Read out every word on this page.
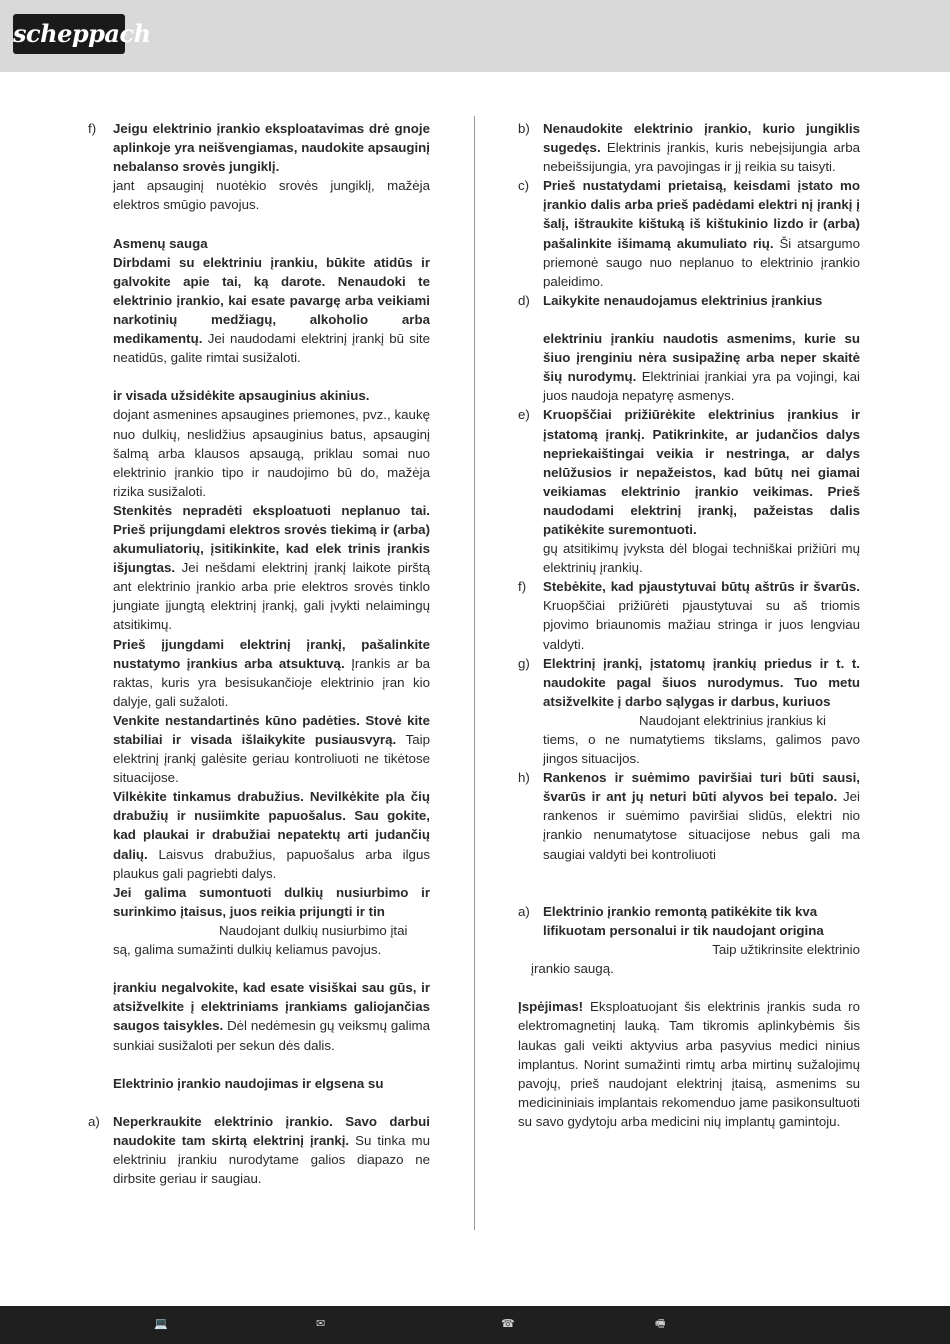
scheppach
f) Jeigu elektrinio įrankio eksploatavimas drė gnoje aplinkoje yra neišvengiamas, naudokite apsauginį nebalanso srovės jungiklį.
jant apsauginį nuotėkio srovės jungiklį, mažėja elektros smūgio pavojus.
Asmenų sauga
Dirbdami su elektriniu įrankiu, būkite atidūs ir galvokite apie tai, ką darote. Nenaudoki te elektrinio įrankio, kai esate pavargę arba veikiami narkotinių medžiagų, alkoholio arba medikamentų. Jei naudodami elektrinį įrankį bū site neatidūs, galite rimtai susižaloti.
ir visada užsidėkite apsauginius akinius.
dojant asmenines apsaugines priemones, pvz., kaukę nuo dulkių, neslidžius apsauginius batus, apsauginį šalmą arba klausos apsaugą, priklau somai nuo elektrinio įrankio tipo ir naudojimo bū do, mažėja rizika susižaloti.
Stenkitės nepradėti eksploatuoti neplanuo tai. Prieš prijungdami elektros srovės tiekimą ir (arba) akumuliatorių, įsitikinkite, kad elek trinis įrankis išjungtas. Jei nešdami elektrinį įrankį laikote pirštą ant elektrinio įrankio arba prie elektros srovės tinklo jungiate įjungtą elektrinį įrankį, gali įvykti nelaimingų atsitikimų.
Prieš įjungdami elektrinį įrankį, pašalinkite nustatymo įrankius arba atsuktuvą. Įrankis ar ba raktas, kuris yra besisukančioje elektrinio įran kio dalyje, gali sužaloti.
Venkite nestandartinės kūno padėties. Stovė kite stabiliai ir visada išlaikykite pusiausvyrą. Taip elektrinį įrankį galėsite geriau kontroliuoti ne tikėtose situacijose.
Vilkėkite tinkamus drabužius. Nevilkėkite pla čių drabužių ir nusiimkite papuošalus. Sau gokite, kad plaukai ir drabužiai nepatektų arti judančių dalių. Laisvus drabužius, papuošalus arba ilgus plaukus gali pagriebti dalys.
Jei galima sumontuoti dulkių nusiurbimo ir surinkimo įtaisus, juos reikia prijungti ir tin
Naudojant dulkių nusiurbimo įtai
są, galima sumažinti dulkių keliamus pavojus.
įrankiu negalvokite, kad esate visiškai sau gūs, ir atsižvelkite į elektriniams įrankiams galiojančias saugos taisykles. Dėl nedėmesin gų veiksmų galima sunkiai susižaloti per sekun dės dalis.
Elektrinio įrankio naudojimas ir elgsena su
a) Neperkraukite elektrinio įrankio. Savo darbui naudokite tam skirtą elektrinį įrankį. Su tinka mu elektriniu įrankiu nurodytame galios diapazo ne dirbsite geriau ir saugiau.
b) Nenaudokite elektrinio įrankio, kurio jungiklis sugedęs. Elektrinis įrankis, kuris nebeįsijungia arba nebeišsijungia, yra pavojingas ir jį reikia su taisyti.
c) Prieš nustatydami prietaisą, keisdami įstato mo įrankio dalis arba prieš padėdami elektri nį įrankį į šalį, ištraukite kištuką iš kištukinio lizdo ir (arba) pašalinkite išimamą akumuliato rių. Ši atsargumo priemonė saugo nuo neplanuo to elektrinio įrankio paleidimo.
d) Laikykite nenaudojamus elektrinius įrankius
elektriniu įrankiu naudotis asmenims, kurie su šiuo įrenginiu nėra susipažinę arba neper skaitė šių nurodymų. Elektriniai įrankiai yra pa vojingi, kai juos naudoja nepatyrę asmenys.
e) Kruopščiai prižiūrėkite elektrinius įrankius ir įstatomą įrankį. Patikrinkite, ar judančios dalys nepriekaištingai veikia ir nestringa, ar dalys nelūžusios ir nepažeistos, kad būtų nei giamai veikiamas elektrinio įrankio veikimas. Prieš naudodami elektrinį įrankį, pažeistas dalis patikėkite suremontuoti.
gų atsitikimų įvyksta dėl blogai techniškai prižiūri mų elektrinių įrankių.
f) Stebėkite, kad pjaustytuvai būtų aštrūs ir švarūs. Kruopščiai prižiūrėti pjaustytuvai su aš triomis pjovimo briaunomis mažiau stringa ir juos lengviau valdyti.
g) Elektrinį įrankį, įstatomų įrankių priedus ir t. t. naudokite pagal šiuos nurodymus. Tuo metu atsižvelkite į darbo sąlygas ir darbus, kuriuos
Naudojant elektrinius įrankius ki
tiems, o ne numatytiems tikslams, galimos pavo jingos situacijos.
h) Rankenos ir suėmimo paviršiai turi būti sausi, švarūs ir ant jų neturi būti alyvos bei tepalo. Jei rankenos ir suėmimo paviršiai slidūs, elektri nio įrankio nenumatytose situacijose nebus gali ma saugiai valdyti bei kontroliuoti
a) Elektrinio įrankio remontą patikėkite tik kva lifikuotam personalui ir tik naudojant origina

Taip užtikrinsite elektrinio
įrankio saugą.
Įspėjimas! Eksploatuojant šis elektrinis įrankis suda ro elektromagnetinį lauką. Tam tikromis aplinkybėmis šis laukas gali veikti aktyvius arba pasyvius medici ninius implantus. Norint sumažinti rimtų arba mirtinų sužalojimų pavojų, prieš naudojant elektrinį įtaisą, asmenims su medicininiais implantais rekomenduo jame pasikonsultuoti su savo gydytoju arba medicini nių implantų gamintoju.
💻	✉	☎	🖷
